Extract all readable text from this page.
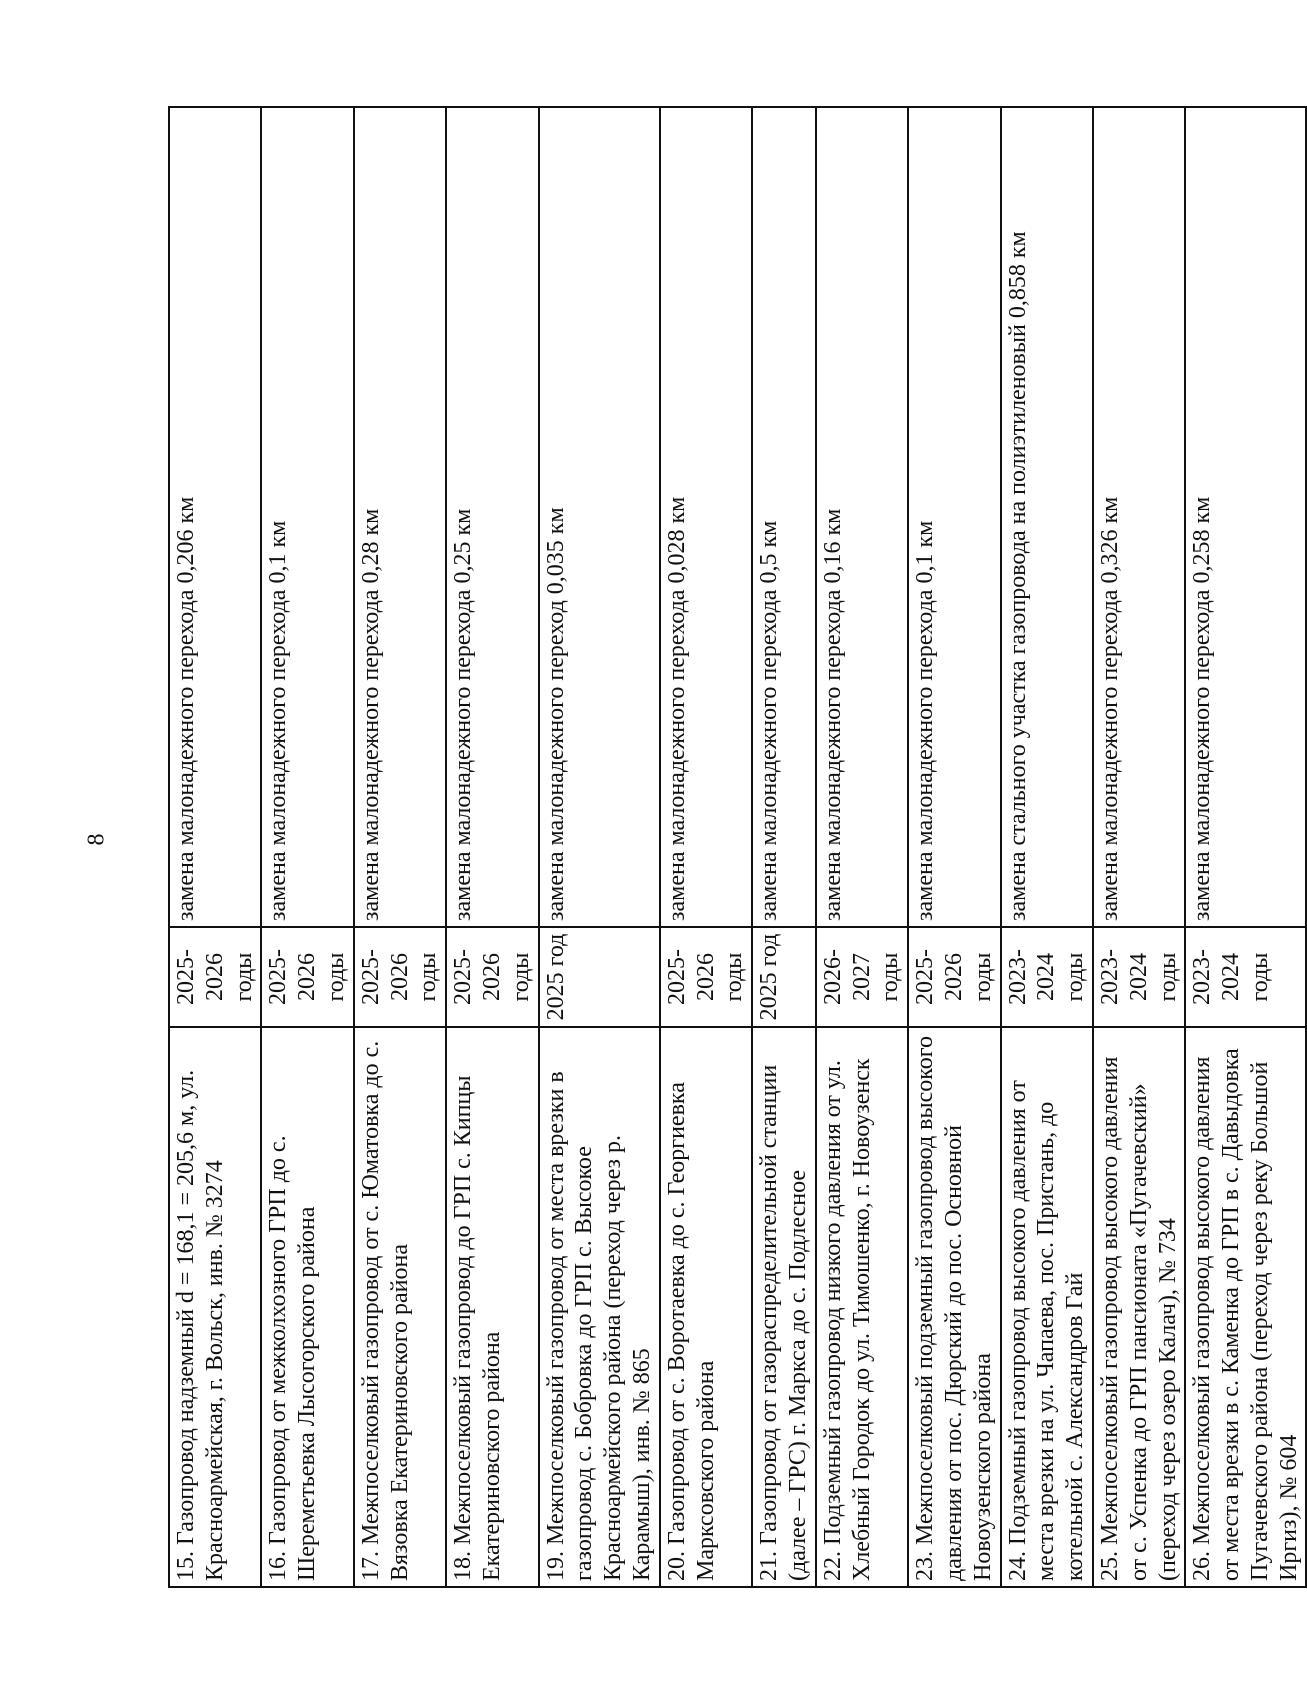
8
15. Газопровод надземный d = 168,1 = 205,6 м, ул. Красноармейская, г. Вольск, инв. № 3274	2025-2026 годы	замена малонадежного перехода 0,206 км
16. Газопровод от межколхозного ГРП до с. Шереметьевка Лысогорского района	2025-2026 годы	замена малонадежного перехода 0,1 км
17. Межпоселковый газопровод от с. Юматовка до с. Вязовка Екатериновского района	2025-2026 годы	замена малонадежного перехода 0,28 км
18. Межпоселковый газопровод до ГРП с. Кипцы Екатериновского района	2025-2026 годы	замена малонадежного перехода 0,25 км
19. Межпоселковый газопровод от места врезки в газопровод с. Бобровка до ГРП с. Высокое Красноармейского района (переход через р. Карамыш), инв. № 865	2025 год	замена малонадежного переход 0,035 км
20. Газопровод от с. Воротаевка до с. Георгиевка Марксовского района	2025-2026 годы	замена малонадежного перехода 0,028 км
21. Газопровод от газораспределительной станции (далее – ГРС) г. Маркса до с. Подлесное	2025 год	замена малонадежного перехода 0,5 км
22. Подземный газопровод низкого давления от ул. Хлебный Городок до ул. Тимошенко, г. Новоузенск	2026-2027 годы	замена малонадежного перехода 0,16 км
23. Межпоселковый подземный газопровод высокого давления от пос. Дюрский до пос. Основной Новоузенского района	2025-2026 годы	замена малонадежного перехода 0,1 км
24. Подземный газопровод высокого давления от места врезки на ул. Чапаева, пос. Пристань, до котельной с. Александров Гай	2023-2024 годы	замена стального участка газопровода на полиэтиленовый 0,858 км
25. Межпоселковый газопровод высокого давления от с. Успенка до ГРП пансионата «Пугачевский» (переход через озеро Калач), № 734	2023-2024 годы	замена малонадежного перехода 0,326 км
26. Межпоселковый газопровод высокого давления от места врезки в с. Каменка до ГРП в с. Давыдовка Пугачевского района (переход через реку Большой Иргиз), № 604	2023-2024 годы	замена малонадежного перехода 0,258 км
